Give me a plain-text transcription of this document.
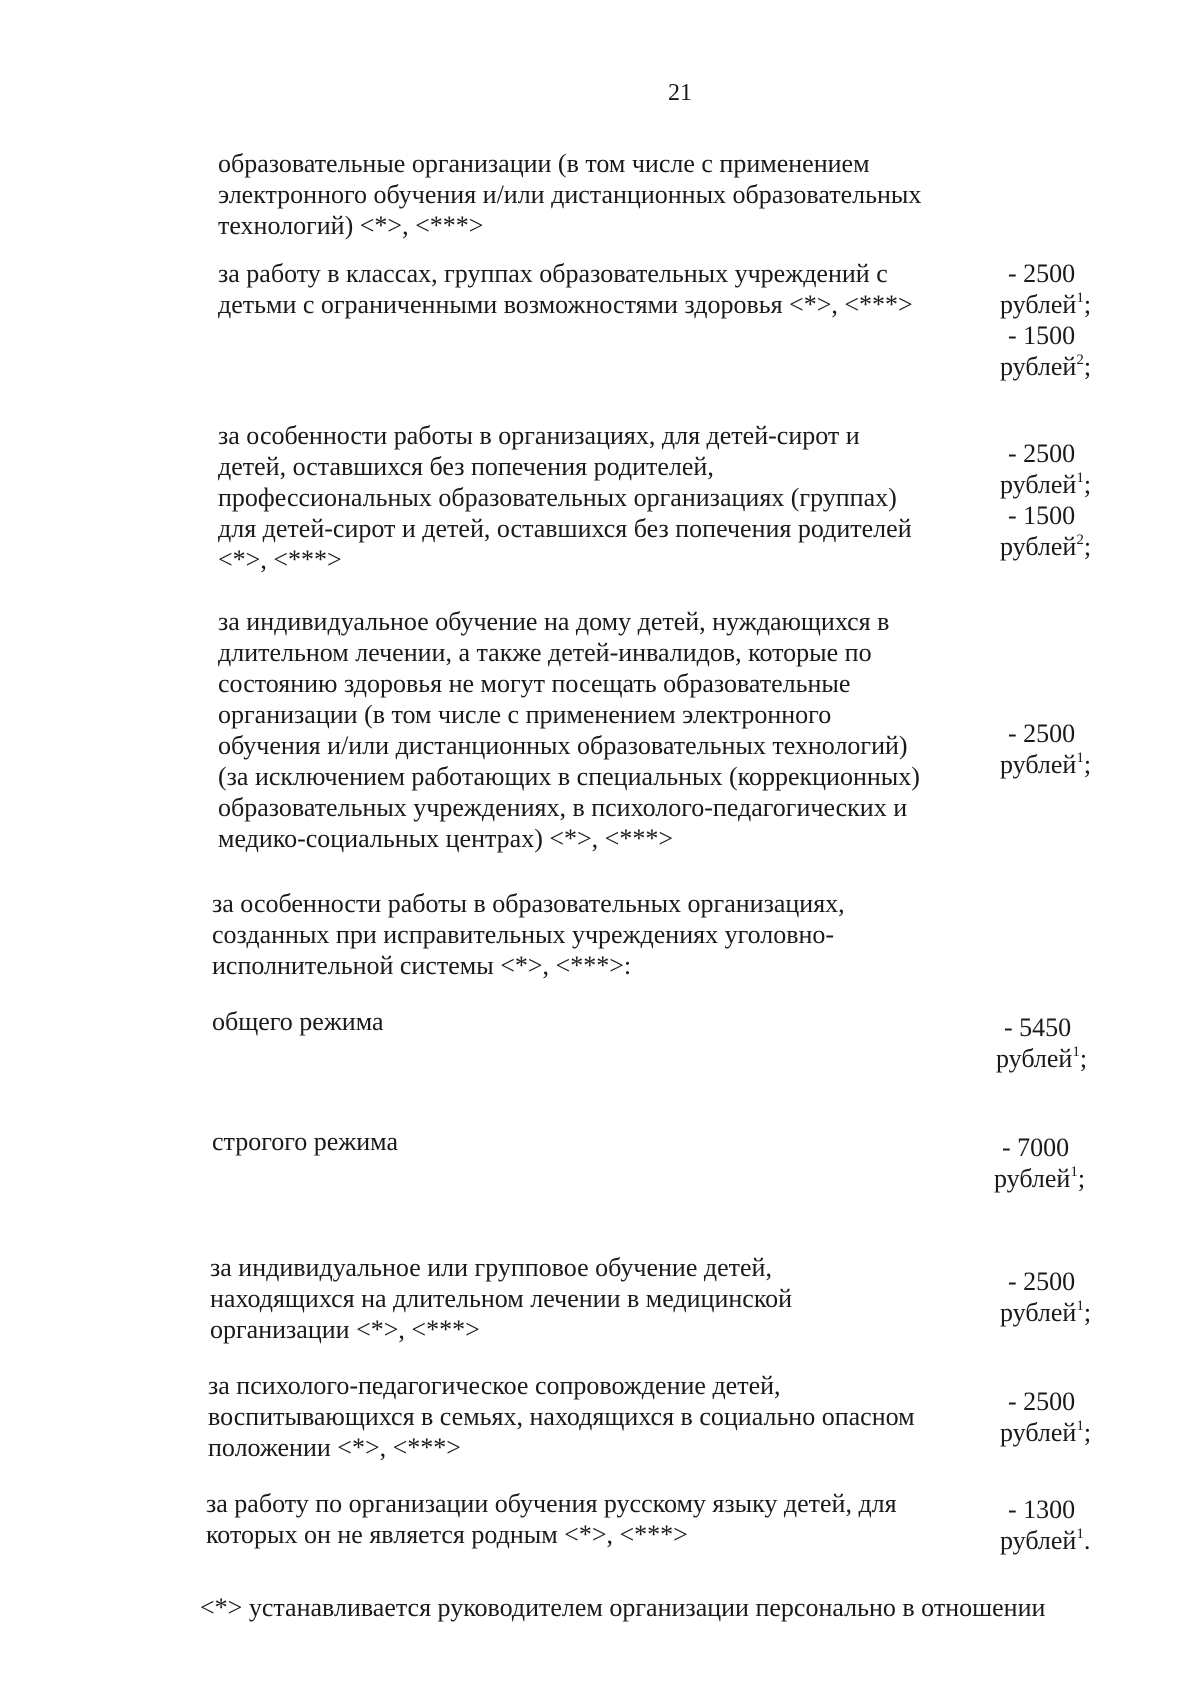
21
образовательные организации (в том числе с применением
электронного обучения и/или дистанционных образовательных
технологий) <*>, <***>
за работу в классах, группах образовательных учреждений с
детьми с ограниченными возможностями здоровья <*>, <***>
- 2500
рублей$^1$;
- 1500
рублей$^2$;
за особенности работы в организациях, для детей-сирот и
детей, оставшихся без попечения родителей,
профессиональных образовательных организациях (группах)
для детей-сирот и детей, оставшихся без попечения родителей
<*>, <***>
- 2500
рублей$^1$;
- 1500
рублей$^2$;
за индивидуальное обучение на дому детей, нуждающихся в
длительном лечении, а также детей-инвалидов, которые по
состоянию здоровья не могут посещать образовательные
организации (в том числе с применением электронного
обучения и/или дистанционных образовательных технологий)
(за исключением работающих в специальных (коррекционных)
образовательных учреждениях, в психолого-педагогических и
медико-социальных центрах) <*>, <***>
- 2500
рублей$^1$;
за особенности работы в образовательных организациях,
созданных при исправительных учреждениях уголовно-
исполнительной системы <*>, <***>:
общего режима	- 5450
рублей$^1$;
строгого режима	- 7000
рублей$^1$;
за индивидуальное или групповое обучение детей,
находящихся на длительном лечении в медицинской
организации <*>, <***>
- 2500
рублей$^1$;
за психолого-педагогическое сопровождение детей,
воспитывающихся в семьях, находящихся в социально опасном
положении <*>, <***>
- 2500
рублей$^1$;
за работу по организации обучения русскому языку детей, для
которых он не является родным <*>, <***>
- 1300
рублей$^1$.
<*> устанавливается руководителем организации персонально в отношении
